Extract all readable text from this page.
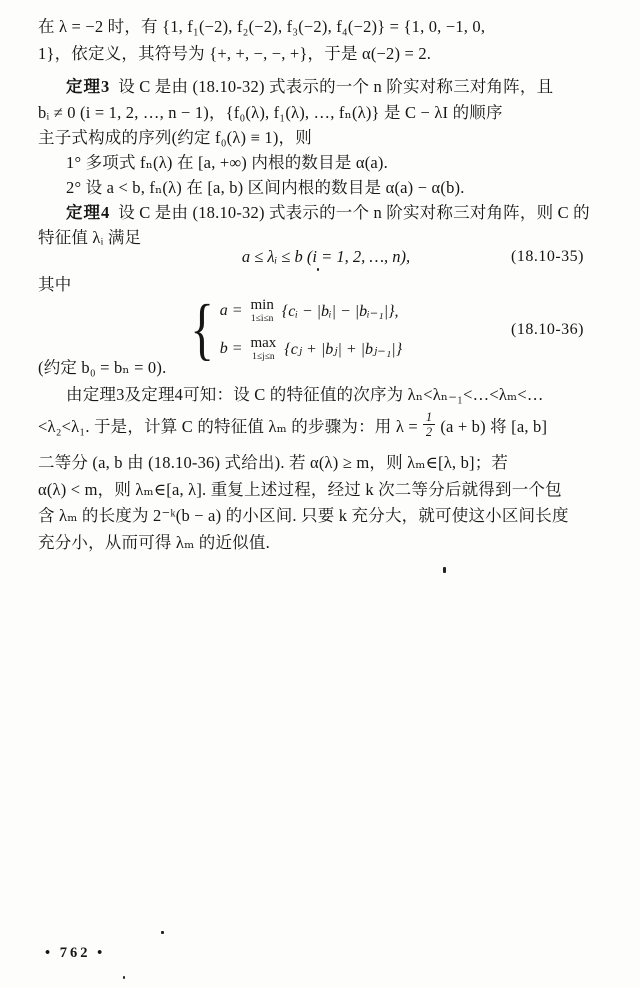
在 λ = −2 时，有 {1, f₁(−2), f₂(−2), f₃(−2), f₄(−2)} = {1, 0, −1, 0,
1}，依定义，其符号为 {+, +, −, −, +}，于是 α(−2) = 2.
定理3 设 C 是由 (18.10-32) 式表示的一个 n 阶实对称三对角阵，且
bᵢ ≠ 0 (i = 1, 2, …, n − 1)，{f₀(λ), f₁(λ), …, fₙ(λ)} 是 C − λI 的顺序
主子式构成的序列(约定 f₀(λ) ≡ 1)，则
1° 多项式 fₙ(λ) 在 [a, +∞) 内根的数目是 α(a).
2° 设 a < b, fₙ(λ) 在 [a, b) 区间内根的数目是 α(a) − α(b).
定理4 设 C 是由 (18.10-32) 式表示的一个 n 阶实对称三对角阵，则 C 的
特征值 λᵢ 满足
a ≤ λᵢ ≤ b (i = 1, 2, …, n),	(18.10-35)
其中
{ a = min
1≤i≤n {cᵢ − |bᵢ| − |bᵢ₋₁|},
b = max
1≤j≤n {cⱼ + |bⱼ| + |bⱼ₋₁|}
(18.10-36)
(约定 b₀ = bₙ = 0).
由定理3及定理4可知：设 C 的特征值的次序为 λₙ<λₙ₋₁<…<λₘ<…
<λ₂<λ₁. 于是，计算 C 的特征值 λₘ 的步骤为：用 $\lambda = \frac{1}{2} (a + b)$ 将 [a, b]
二等分 (a, b 由 (18.10-36) 式给出). 若 α(λ) ≥ m，则 λₘ∈[λ, b]；若
α(λ) < m，则 λₘ∈[a, λ]. 重复上述过程，经过 k 次二等分后就得到一个包
含 λₘ 的长度为 2⁻ᵏ(b − a) 的小区间. 只要 k 充分大，就可使这小区间长度
充分小，从而可得 λₘ 的近似值.
• 762 •
